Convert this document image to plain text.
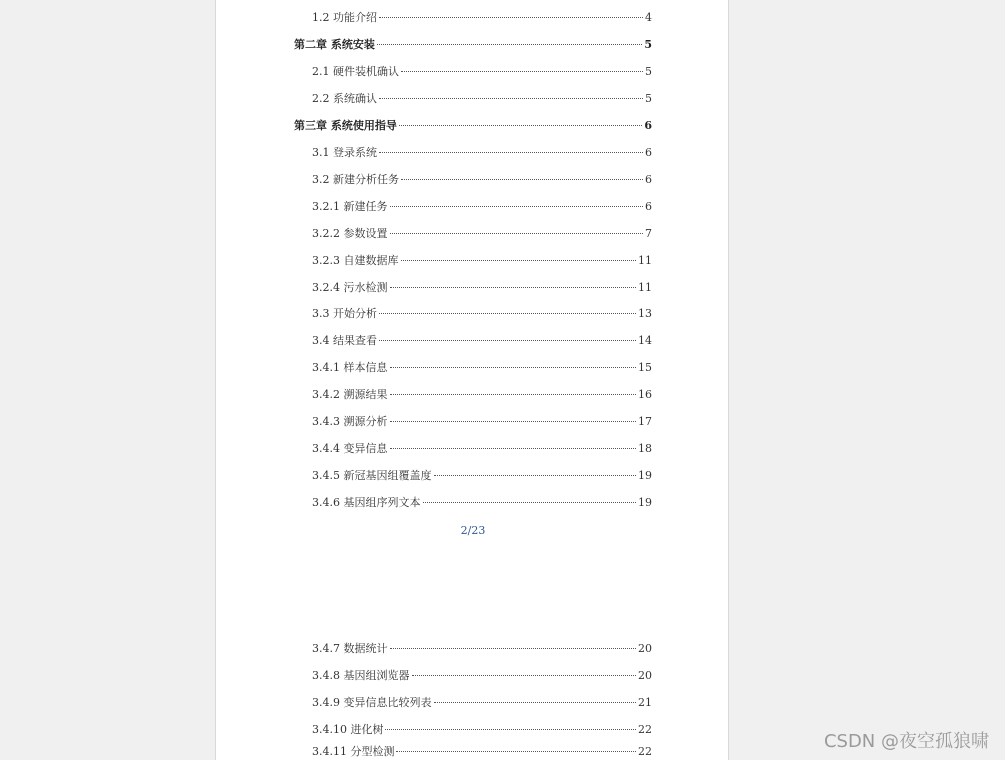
1.2 功能介绍	4
第二章 系统安装	5
2.1 硬件装机确认	5
2.2 系统确认	5
第三章 系统使用指导	6
3.1 登录系统	6
3.2 新建分析任务	6
3.2.1 新建任务	6
3.2.2 参数设置	7
3.2.3 自建数据库	11
3.2.4 污水检测	11
3.3 开始分析	13
3.4 结果查看	14
3.4.1 样本信息	15
3.4.2 溯源结果	16
3.4.3 溯源分析	17
3.4.4 变异信息	18
3.4.5 新冠基因组覆盖度	19
3.4.6 基因组序列文本	19
2/23
3.4.7 数据统计	20
3.4.8 基因组浏览器	20
3.4.9 变异信息比较列表	21
3.4.10 进化树	22
3.4.11 分型检测	22	CSDN @夜空孤狼啸
